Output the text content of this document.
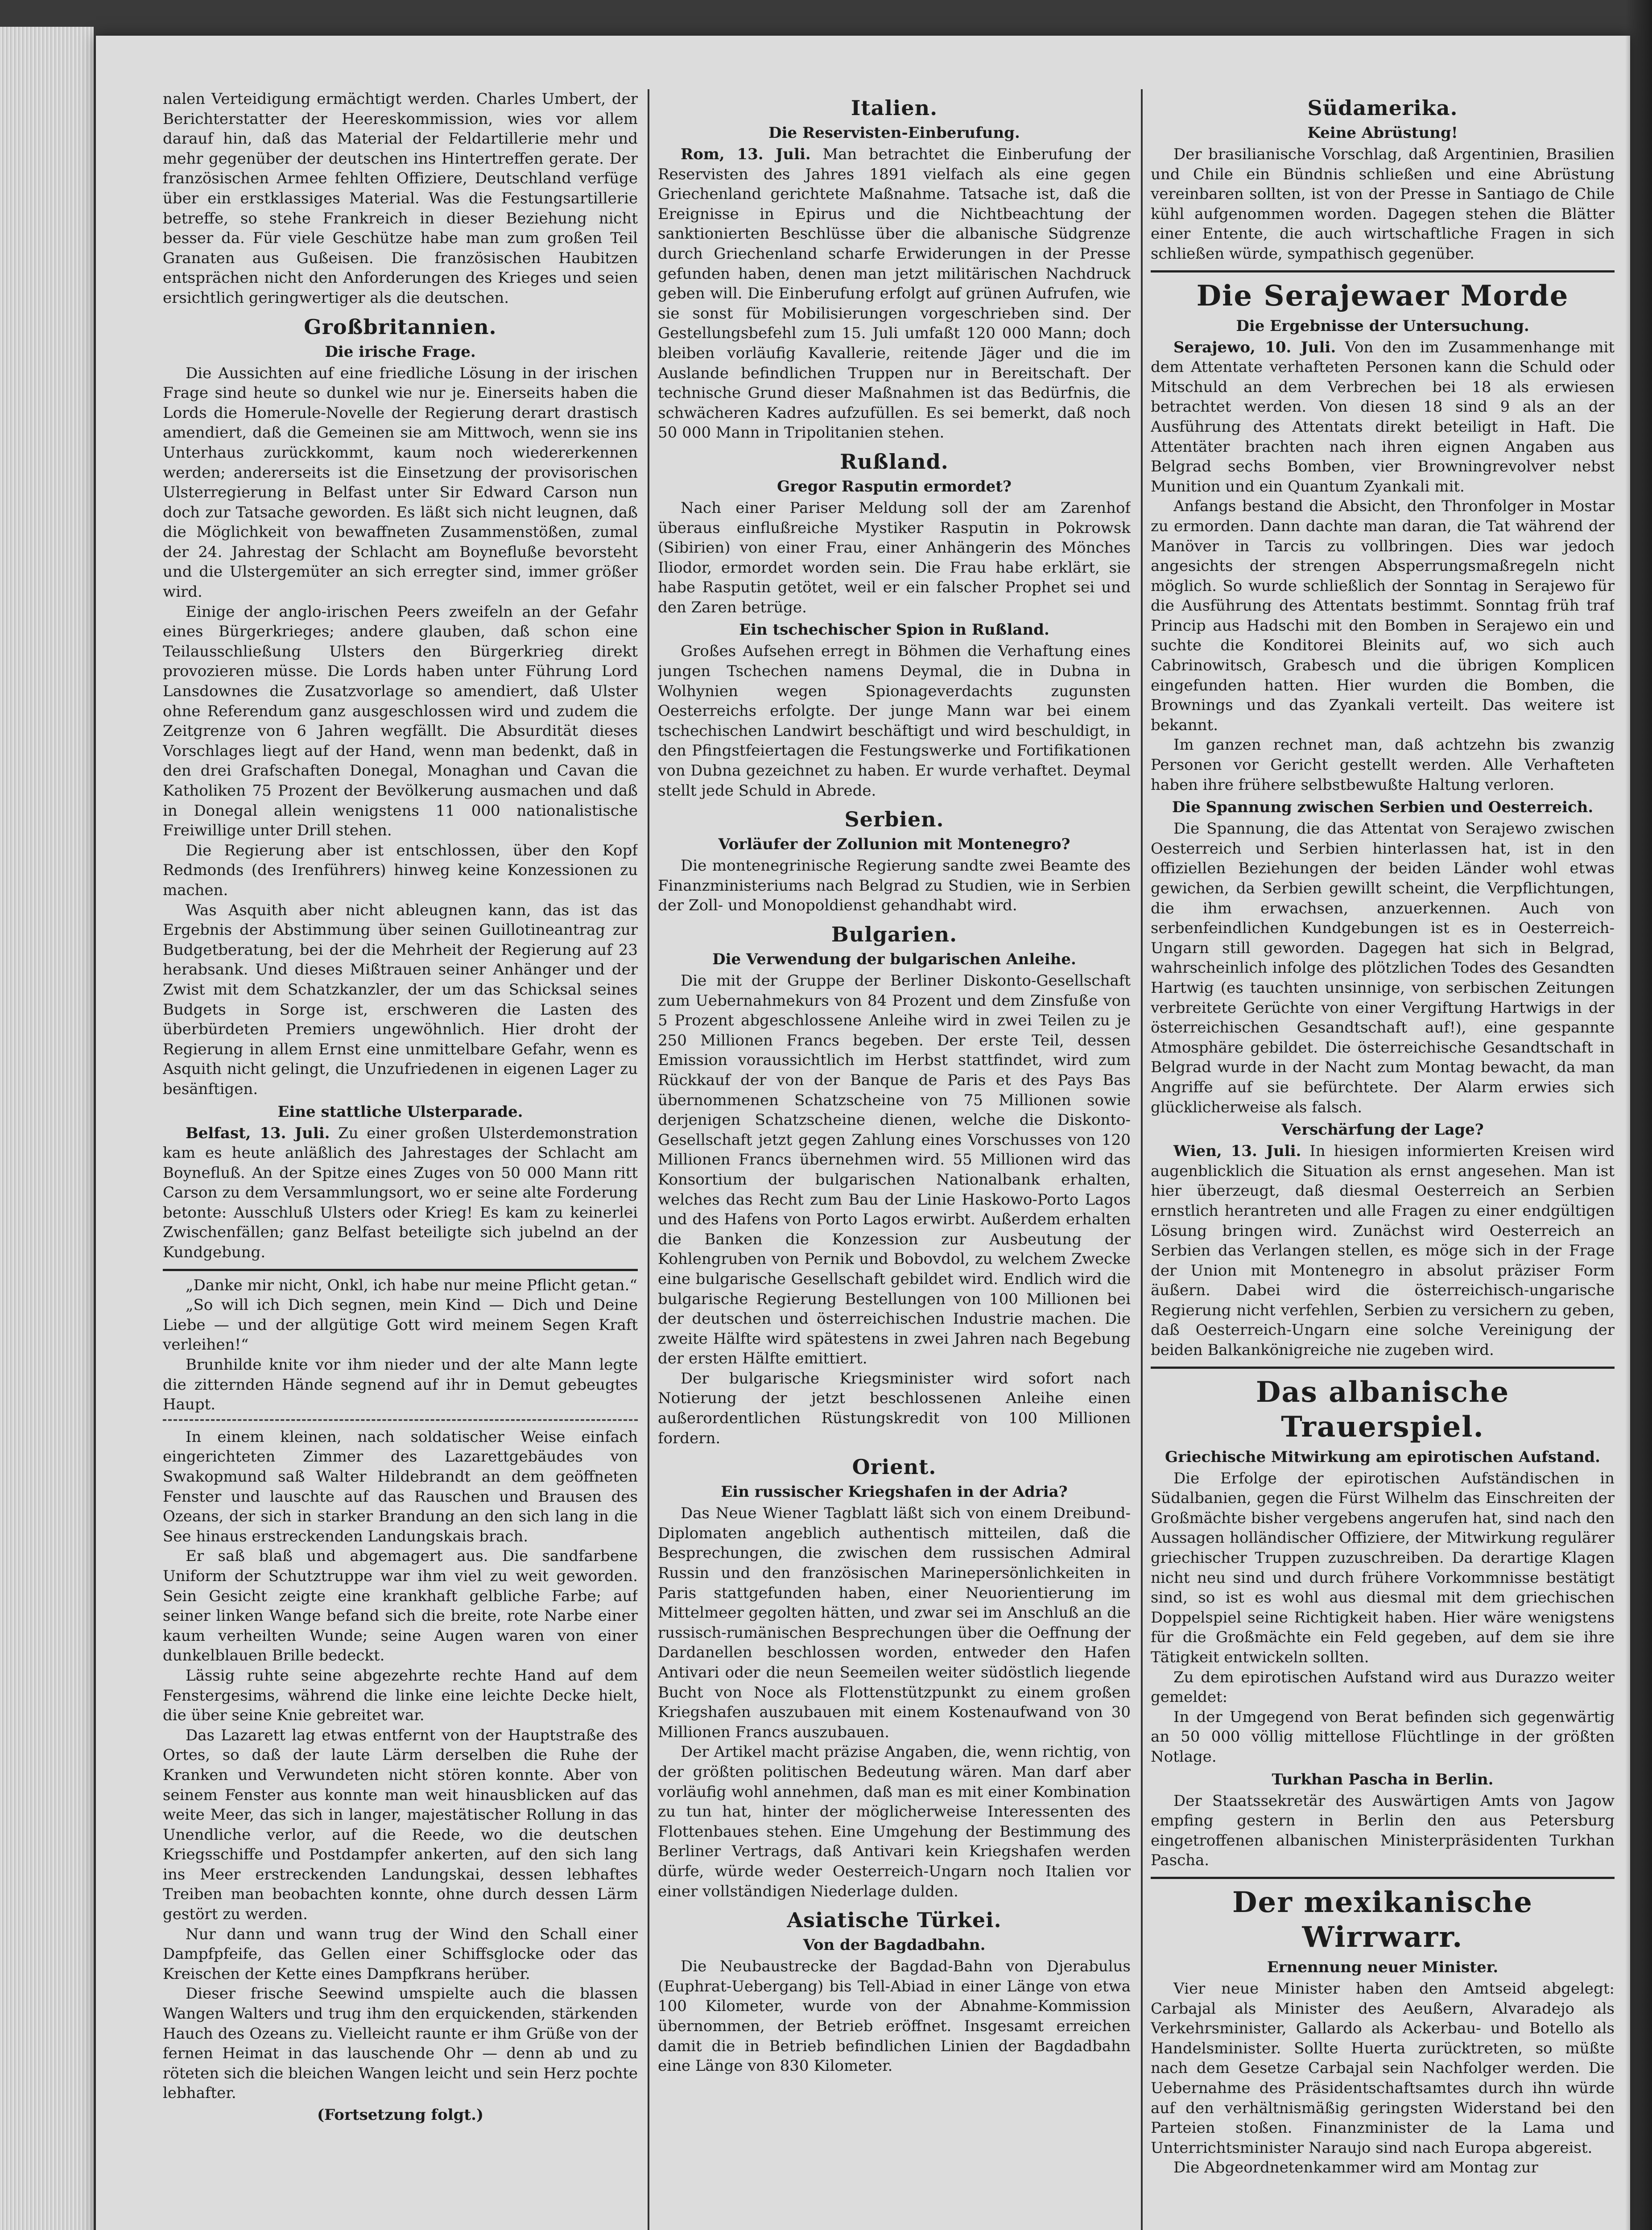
nalen Verteidigung ermächtigt werden. Charles Umbert, der Berichterstatter der Heereskommission, wies vor allem darauf hin, daß das Material der Feldartillerie mehr und mehr gegenüber der deutschen ins Hintertreffen gerate. Der französischen Armee fehlten Offiziere, Deutschland verfüge über ein erstklassiges Material. Was die Festungsartillerie betreffe, so stehe Frankreich in dieser Beziehung nicht besser da. Für viele Geschütze habe man zum großen Teil Granaten aus Gußeisen. Die französischen Haubitzen entsprächen nicht den Anforderungen des Krieges und seien ersichtlich geringwertiger als die deutschen.

Großbritannien.
Die irische Frage.

Die Aussichten auf eine friedliche Lösung in der irischen Frage sind heute so dunkel wie nur je. Einerseits haben die Lords die Homerule-Novelle der Regierung derart drastisch amendiert, daß die Gemeinen sie am Mittwoch, wenn sie ins Unterhaus zurückkommt, kaum noch wiedererkennen werden; andererseits ist die Einsetzung der provisorischen Ulsterregierung in Belfast unter Sir Edward Carson nun doch zur Tatsache geworden. Es läßt sich nicht leugnen, daß die Möglichkeit von bewaffneten Zusammenstößen, zumal der 24. Jahrestag der Schlacht am Boynefluße bevorsteht und die Ulstergemüter an sich erregter sind, immer größer wird.

Einige der anglo-irischen Peers zweifeln an der Gefahr eines Bürgerkrieges; andere glauben, daß schon eine Teilausschließung Ulsters den Bürgerkrieg direkt provozieren müsse. Die Lords haben unter Führung Lord Lansdownes die Zusatzvorlage so amendiert, daß Ulster ohne Referendum ganz ausgeschlossen wird und zudem die Zeitgrenze von 6 Jahren wegfällt. Die Absurdität dieses Vorschlages liegt auf der Hand, wenn man bedenkt, daß in den drei Grafschaften Donegal, Monaghan und Cavan die Katholiken 75 Prozent der Bevölkerung ausmachen und daß in Donegal allein wenigstens 11 000 nationalistische Freiwillige unter Drill stehen.

Die Regierung aber ist entschlossen, über den Kopf Redmonds (des Irenführers) hinweg keine Konzessionen zu machen.

Was Asquith aber nicht ableugnen kann, das ist das Ergebnis der Abstimmung über seinen Guillotineantrag zur Budgetberatung, bei der die Mehrheit der Regierung auf 23 herabsank. Und dieses Mißtrauen seiner Anhänger und der Zwist mit dem Schatzkanzler, der um das Schicksal seines Budgets in Sorge ist, erschweren die Lasten des überbürdeten Premiers ungewöhnlich. Hier droht der Regierung in allem Ernst eine unmittelbare Gefahr, wenn es Asquith nicht gelingt, die Unzufriedenen in eigenen Lager zu besänftigen.

Eine stattliche Ulsterparade.

Belfast, 13. Juli. Zu einer großen Ulsterdemonstration kam es heute anläßlich des Jahrestages der Schlacht am Boynefluß. An der Spitze eines Zuges von 50 000 Mann ritt Carson zu dem Versammlungsort, wo er seine alte Forderung betonte: Ausschluß Ulsters oder Krieg! Es kam zu keinerlei Zwischenfällen; ganz Belfast beteiligte sich jubelnd an der Kundgebung.

„Danke mir nicht, Onkl, ich habe nur meine Pflicht getan.“

„So will ich Dich segnen, mein Kind — Dich und Deine Liebe — und der allgütige Gott wird meinem Segen Kraft verleihen!“

Brunhilde knite vor ihm nieder und der alte Mann legte die zitternden Hände segnend auf ihr in Demut gebeugtes Haupt.

In einem kleinen, nach soldatischer Weise einfach eingerichteten Zimmer des Lazarettgebäudes von Swakopmund saß Walter Hildebrandt an dem geöffneten Fenster und lauschte auf das Rauschen und Brausen des Ozeans, der sich in starker Brandung an den sich lang in die See hinaus erstreckenden Landungskais brach.

Er saß blaß und abgemagert aus. Die sandfarbene Uniform der Schutztruppe war ihm viel zu weit geworden. Sein Gesicht zeigte eine krankhaft gelbliche Farbe; auf seiner linken Wange befand sich die breite, rote Narbe einer kaum verheilten Wunde; seine Augen waren von einer dunkelblauen Brille bedeckt.

Lässig ruhte seine abgezehrte rechte Hand auf dem Fenstergesims, während die linke eine leichte Decke hielt, die über seine Knie gebreitet war.

Das Lazarett lag etwas entfernt von der Hauptstraße des Ortes, so daß der laute Lärm derselben die Ruhe der Kranken und Verwundeten nicht stören konnte. Aber von seinem Fenster aus konnte man weit hinausblicken auf das weite Meer, das sich in langer, majestätischer Rollung in das Unendliche verlor, auf die Reede, wo die deutschen Kriegsschiffe und Postdampfer ankerten, auf den sich lang ins Meer erstreckenden Landungskai, dessen lebhaftes Treiben man beobachten konnte, ohne durch dessen Lärm gestört zu werden.

Nur dann und wann trug der Wind den Schall einer Dampfpfeife, das Gellen einer Schiffsglocke oder das Kreischen der Kette eines Dampfkrans herüber.

Dieser frische Seewind umspielte auch die blassen Wangen Walters und trug ihm den erquickenden, stärkenden Hauch des Ozeans zu. Vielleicht raunte er ihm Grüße von der fernen Heimat in das lauschende Ohr — denn ab und zu röteten sich die bleichen Wangen leicht und sein Herz pochte lebhafter.

(Fortsetzung folgt.)
Italien.
Die Reservisten-Einberufung.

Rom, 13. Juli. Man betrachtet die Einberufung der Reservisten des Jahres 1891 vielfach als eine gegen Griechenland gerichtete Maßnahme. Tatsache ist, daß die Ereignisse in Epirus und die Nichtbeachtung der sanktionierten Beschlüsse über die albanische Südgrenze durch Griechenland scharfe Erwiderungen in der Presse gefunden haben, denen man jetzt militärischen Nachdruck geben will. Die Einberufung erfolgt auf grünen Aufrufen, wie sie sonst für Mobilisierungen vorgeschrieben sind. Der Gestellungsbefehl zum 15. Juli umfaßt 120 000 Mann; doch bleiben vorläufig Kavallerie, reitende Jäger und die im Auslande befindlichen Truppen nur in Bereitschaft. Der technische Grund dieser Maßnahmen ist das Bedürfnis, die schwächeren Kadres aufzufüllen. Es sei bemerkt, daß noch 50 000 Mann in Tripolitanien stehen.

Rußland.
Gregor Rasputin ermordet?

Nach einer Pariser Meldung soll der am Zarenhof überaus einflußreiche Mystiker Rasputin in Pokrowsk (Sibirien) von einer Frau, einer Anhängerin des Mönches Iliodor, ermordet worden sein. Die Frau habe erklärt, sie habe Rasputin getötet, weil er ein falscher Prophet sei und den Zaren betrüge.

Ein tschechischer Spion in Rußland.

Großes Aufsehen erregt in Böhmen die Verhaftung eines jungen Tschechen namens Deymal, die in Dubna in Wolhynien wegen Spionageverdachts zugunsten Oesterreichs erfolgte. Der junge Mann war bei einem tschechischen Landwirt beschäftigt und wird beschuldigt, in den Pfingstfeiertagen die Festungswerke und Fortifikationen von Dubna gezeichnet zu haben. Er wurde verhaftet. Deymal stellt jede Schuld in Abrede.

Serbien.
Vorläufer der Zollunion mit Montenegro?

Die montenegrinische Regierung sandte zwei Beamte des Finanzministeriums nach Belgrad zu Studien, wie in Serbien der Zoll- und Monopoldienst gehandhabt wird.

Bulgarien.
Die Verwendung der bulgarischen Anleihe.

Die mit der Gruppe der Berliner Diskonto-Gesellschaft zum Uebernahmekurs von 84 Prozent und dem Zinsfuße von 5 Prozent abgeschlossene Anleihe wird in zwei Teilen zu je 250 Millionen Francs begeben. Der erste Teil, dessen Emission voraussichtlich im Herbst stattfindet, wird zum Rückkauf der von der Banque de Paris et des Pays Bas übernommenen Schatzscheine von 75 Millionen sowie derjenigen Schatzscheine dienen, welche die Diskonto-Gesellschaft jetzt gegen Zahlung eines Vorschusses von 120 Millionen Francs übernehmen wird. 55 Millionen wird das Konsortium der bulgarischen Nationalbank erhalten, welches das Recht zum Bau der Linie Haskowo-Porto Lagos und des Hafens von Porto Lagos erwirbt. Außerdem erhalten die Banken die Konzession zur Ausbeutung der Kohlengruben von Pernik und Bobovdol, zu welchem Zwecke eine bulgarische Gesellschaft gebildet wird. Endlich wird die bulgarische Regierung Bestellungen von 100 Millionen bei der deutschen und österreichischen Industrie machen. Die zweite Hälfte wird spätestens in zwei Jahren nach Begebung der ersten Hälfte emittiert.

Der bulgarische Kriegsminister wird sofort nach Notierung der jetzt beschlossenen Anleihe einen außerordentlichen Rüstungskredit von 100 Millionen fordern.

Orient.
Ein russischer Kriegshafen in der Adria?

Das Neue Wiener Tagblatt läßt sich von einem Dreibund-Diplomaten angeblich authentisch mitteilen, daß die Besprechungen, die zwischen dem russischen Admiral Russin und den französischen Marinepersönlichkeiten in Paris stattgefunden haben, einer Neuorientierung im Mittelmeer gegolten hätten, und zwar sei im Anschluß an die russisch-rumänischen Besprechungen über die Oeffnung der Dardanellen beschlossen worden, entweder den Hafen Antivari oder die neun Seemeilen weiter südöstlich liegende Bucht von Noce als Flottenstützpunkt zu einem großen Kriegshafen auszubauen mit einem Kostenaufwand von 30 Millionen Francs auszubauen.

Der Artikel macht präzise Angaben, die, wenn richtig, von der größten politischen Bedeutung wären. Man darf aber vorläufig wohl annehmen, daß man es mit einer Kombination zu tun hat, hinter der möglicherweise Interessenten des Flottenbaues stehen. Eine Umgehung der Bestimmung des Berliner Vertrags, daß Antivari kein Kriegshafen werden dürfe, würde weder Oesterreich-Ungarn noch Italien vor einer vollständigen Niederlage dulden.

Asiatische Türkei.
Von der Bagdadbahn.

Die Neubaustrecke der Bagdad-Bahn von Djerabulus (Euphrat-Uebergang) bis Tell-Abiad in einer Länge von etwa 100 Kilometer, wurde von der Abnahme-Kommission übernommen, der Betrieb eröffnet. Insgesamt erreichen damit die in Betrieb befindlichen Linien der Bagdadbahn eine Länge von 830 Kilometer.

Südamerika.
Keine Abrüstung!

Der brasilianische Vorschlag, daß Argentinien, Brasilien und Chile ein Bündnis schließen und eine Abrüstung vereinbaren sollten, ist von der Presse in Santiago de Chile kühl aufgenommen worden. Dagegen stehen die Blätter einer Entente, die auch wirtschaftliche Fragen in sich schließen würde, sympathisch gegenüber.

Die Serajewaer Morde
Die Ergebnisse der Untersuchung.

Serajewo, 10. Juli. Von den im Zusammenhange mit dem Attentate verhafteten Personen kann die Schuld oder Mitschuld an dem Verbrechen bei 18 als erwiesen betrachtet werden. Von diesen 18 sind 9 als an der Ausführung des Attentats direkt beteiligt in Haft. Die Attentäter brachten nach ihren eignen Angaben aus Belgrad sechs Bomben, vier Browningrevolver nebst Munition und ein Quantum Zyankali mit.

Anfangs bestand die Absicht, den Thronfolger in Mostar zu ermorden. Dann dachte man daran, die Tat während der Manöver in Tarcis zu vollbringen. Dies war jedoch angesichts der strengen Absperrungsmaßregeln nicht möglich. So wurde schließlich der Sonntag in Serajewo für die Ausführung des Attentats bestimmt. Sonntag früh traf Princip aus Hadschi mit den Bomben in Serajewo ein und suchte die Konditorei Bleinits auf, wo sich auch Cabrinowitsch, Grabesch und die übrigen Komplicen eingefunden hatten. Hier wurden die Bomben, die Brownings und das Zyankali verteilt. Das weitere ist bekannt.

Im ganzen rechnet man, daß achtzehn bis zwanzig Personen vor Gericht gestellt werden. Alle Verhafteten haben ihre frühere selbstbewußte Haltung verloren.

Die Spannung zwischen Serbien und Oesterreich.

Die Spannung, die das Attentat von Serajewo zwischen Oesterreich und Serbien hinterlassen hat, ist in den offiziellen Beziehungen der beiden Länder wohl etwas gewichen, da Serbien gewillt scheint, die Verpflichtungen, die ihm erwachsen, anzuerkennen. Auch von serbenfeindlichen Kundgebungen ist es in Oesterreich-Ungarn still geworden. Dagegen hat sich in Belgrad, wahrscheinlich infolge des plötzlichen Todes des Gesandten Hartwig (es tauchten unsinnige, von serbischen Zeitungen verbreitete Gerüchte von einer Vergiftung Hartwigs in der österreichischen Gesandtschaft auf!), eine gespannte Atmosphäre gebildet. Die österreichische Gesandtschaft in Belgrad wurde in der Nacht zum Montag bewacht, da man Angriffe auf sie befürchtete. Der Alarm erwies sich glücklicherweise als falsch.

Verschärfung der Lage?

Wien, 13. Juli. In hiesigen informierten Kreisen wird augenblicklich die Situation als ernst angesehen. Man ist hier überzeugt, daß diesmal Oesterreich an Serbien ernstlich herantreten und alle Fragen zu einer endgültigen Lösung bringen wird. Zunächst wird Oesterreich an Serbien das Verlangen stellen, es möge sich in der Frage der Union mit Montenegro in absolut präziser Form äußern. Dabei wird die österreichisch-ungarische Regierung nicht verfehlen, Serbien zu versichern zu geben, daß Oesterreich-Ungarn eine solche Vereinigung der beiden Balkankönigreiche nie zugeben wird.

Das albanische Trauerspiel.
Griechische Mitwirkung am epirotischen Aufstand.

Die Erfolge der epirotischen Aufständischen in Südalbanien, gegen die Fürst Wilhelm das Einschreiten der Großmächte bisher vergebens angerufen hat, sind nach den Aussagen holländischer Offiziere, der Mitwirkung regulärer griechischer Truppen zuzuschreiben. Da derartige Klagen nicht neu sind und durch frühere Vorkommnisse bestätigt sind, so ist es wohl aus diesmal mit dem griechischen Doppelspiel seine Richtigkeit haben. Hier wäre wenigstens für die Großmächte ein Feld gegeben, auf dem sie ihre Tätigkeit entwickeln sollten.

Zu dem epirotischen Aufstand wird aus Durazzo weiter gemeldet:

In der Umgegend von Berat befinden sich gegenwärtig an 50 000 völlig mittellose Flüchtlinge in der größten Notlage.

Turkhan Pascha in Berlin.

Der Staatssekretär des Auswärtigen Amts von Jagow empfing gestern in Berlin den aus Petersburg eingetroffenen albanischen Ministerpräsidenten Turkhan Pascha.

Der mexikanische Wirrwarr.
Ernennung neuer Minister.

Vier neue Minister haben den Amtseid abgelegt: Carbajal als Minister des Aeußern, Alvaradejo als Verkehrsminister, Gallardo als Ackerbau- und Botello als Handelsminister. Sollte Huerta zurücktreten, so müßte nach dem Gesetze Carbajal sein Nachfolger werden. Die Uebernahme des Präsidentschaftsamtes durch ihn würde auf den verhältnismäßig geringsten Widerstand bei den Parteien stoßen. Finanzminister de la Lama und Unterrichtsminister Naraujo sind nach Europa abgereist.

Die Abgeordnetenkammer wird am Montag zur
